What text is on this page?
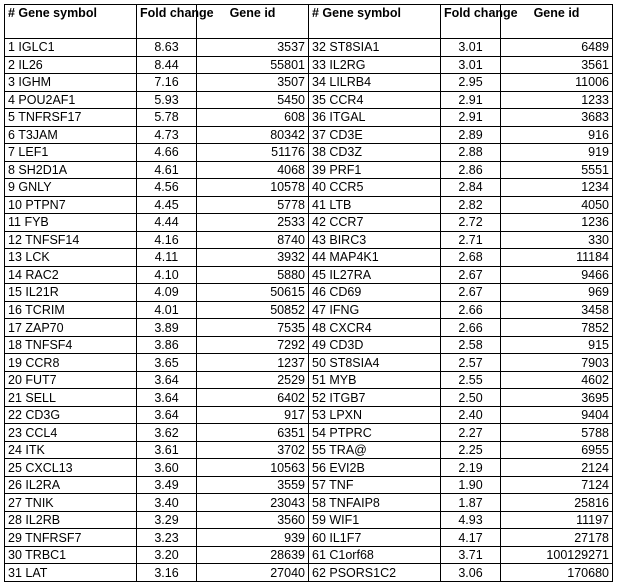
# Gene symbol	Fold change	Gene id	# Gene symbol	Fold change	Gene id
1 IGLC1	8.63	3537	32 ST8SIA1	3.01	6489
2 IL26	8.44	55801	33 IL2RG	3.01	3561
3 IGHM	7.16	3507	34 LILRB4	2.95	11006
4 POU2AF1	5.93	5450	35 CCR4	2.91	1233
5 TNFRSF17	5.78	608	36 ITGAL	2.91	3683
6 T3JAM	4.73	80342	37 CD3E	2.89	916
7 LEF1	4.66	51176	38 CD3Z	2.88	919
8 SH2D1A	4.61	4068	39 PRF1	2.86	5551
9 GNLY	4.56	10578	40 CCR5	2.84	1234
10 PTPN7	4.45	5778	41 LTB	2.82	4050
11 FYB	4.44	2533	42 CCR7	2.72	1236
12 TNFSF14	4.16	8740	43 BIRC3	2.71	330
13 LCK	4.11	3932	44 MAP4K1	2.68	11184
14 RAC2	4.10	5880	45 IL27RA	2.67	9466
15 IL21R	4.09	50615	46 CD69	2.67	969
16 TCRIM	4.01	50852	47 IFNG	2.66	3458
17 ZAP70	3.89	7535	48 CXCR4	2.66	7852
18 TNFSF4	3.86	7292	49 CD3D	2.58	915
19 CCR8	3.65	1237	50 ST8SIA4	2.57	7903
20 FUT7	3.64	2529	51 MYB	2.55	4602
21 SELL	3.64	6402	52 ITGB7	2.50	3695
22 CD3G	3.64	917	53 LPXN	2.40	9404
23 CCL4	3.62	6351	54 PTPRC	2.27	5788
24 ITK	3.61	3702	55 TRA@	2.25	6955
25 CXCL13	3.60	10563	56 EVI2B	2.19	2124
26 IL2RA	3.49	3559	57 TNF	1.90	7124
27 TNIK	3.40	23043	58 TNFAIP8	1.87	25816
28 IL2RB	3.29	3560	59 WIF1	4.93	11197
29 TNFRSF7	3.23	939	60 IL1F7	4.17	27178
30 TRBC1	3.20	28639	61 C1orf68	3.71	100129271
31 LAT	3.16	27040	62 PSORS1C2	3.06	170680
